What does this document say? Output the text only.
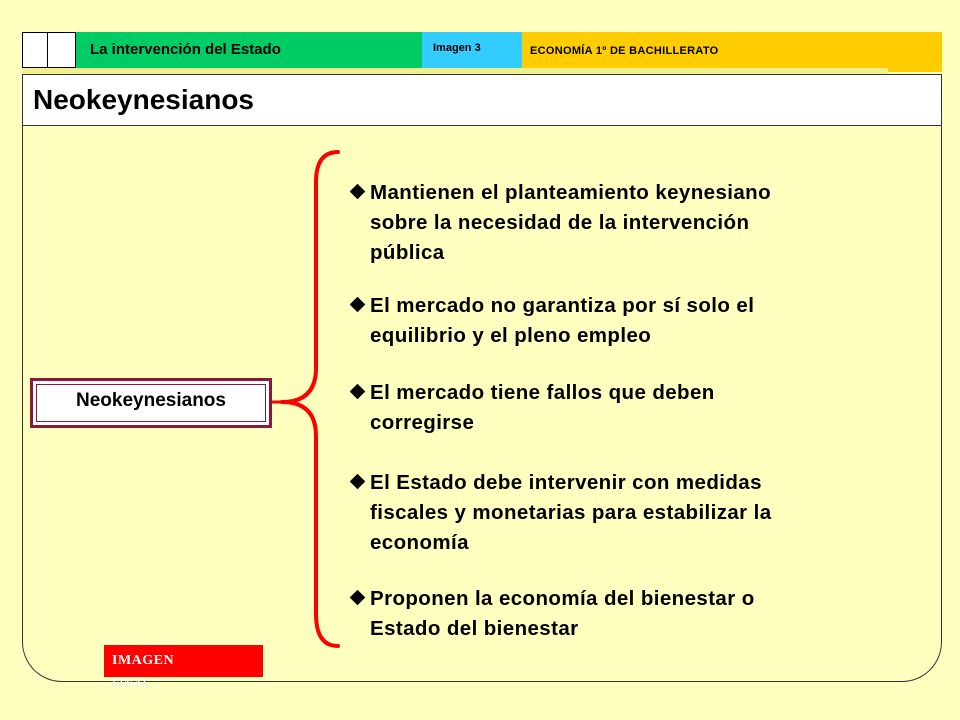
La intervención del Estado	Imagen 3	ECONOMÍA 1º DE BACHILLERATO
Neokeynesianos
Neokeynesianos
Mantienen el planteamiento keynesiano
sobre la necesidad de la intervención
pública
El mercado no garantiza por sí solo el
equilibrio y el pleno empleo
El mercado tiene fallos que deben
corregirse
El Estado debe intervenir con medidas
fiscales y monetarias para estabilizar la
economía
Proponen la economía del bienestar o
Estado del bienestar
IMAGEN
FINAL
